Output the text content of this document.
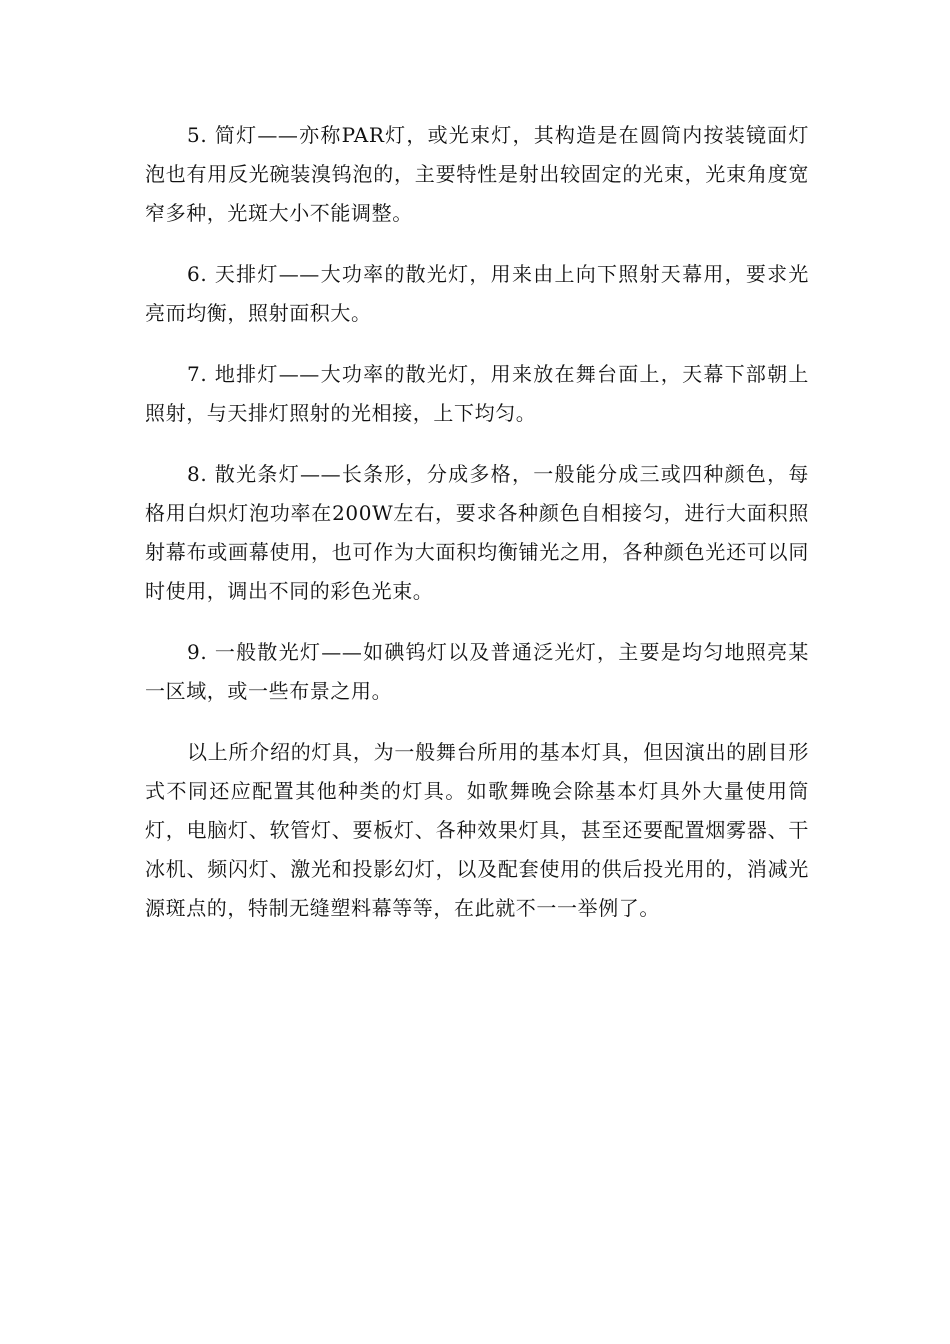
5. 简灯——亦称PAR灯，或光束灯，其构造是在圆筒内按装镜面灯泡也有用反光碗装溴钨泡的，主要特性是射出较固定的光束，光束角度宽窄多种，光斑大小不能调整。

6. 天排灯——大功率的散光灯，用来由上向下照射天幕用，要求光亮而均衡，照射面积大。

7. 地排灯——大功率的散光灯，用来放在舞台面上，天幕下部朝上照射，与天排灯照射的光相接，上下均匀。

8. 散光条灯——长条形，分成多格，一般能分成三或四种颜色，每格用白炽灯泡功率在200W左右，要求各种颜色自相接匀，进行大面积照射幕布或画幕使用，也可作为大面积均衡铺光之用，各种颜色光还可以同时使用，调出不同的彩色光束。

9. 一般散光灯——如碘钨灯以及普通泛光灯，主要是均匀地照亮某一区域，或一些布景之用。

以上所介绍的灯具，为一般舞台所用的基本灯具，但因演出的剧目形式不同还应配置其他种类的灯具。如歌舞晚会除基本灯具外大量使用筒灯，电脑灯、软管灯、要板灯、各种效果灯具，甚至还要配置烟雾器、干冰机、频闪灯、激光和投影幻灯，以及配套使用的供后投光用的，消减光源斑点的，特制无缝塑料幕等等，在此就不一一举例了。
